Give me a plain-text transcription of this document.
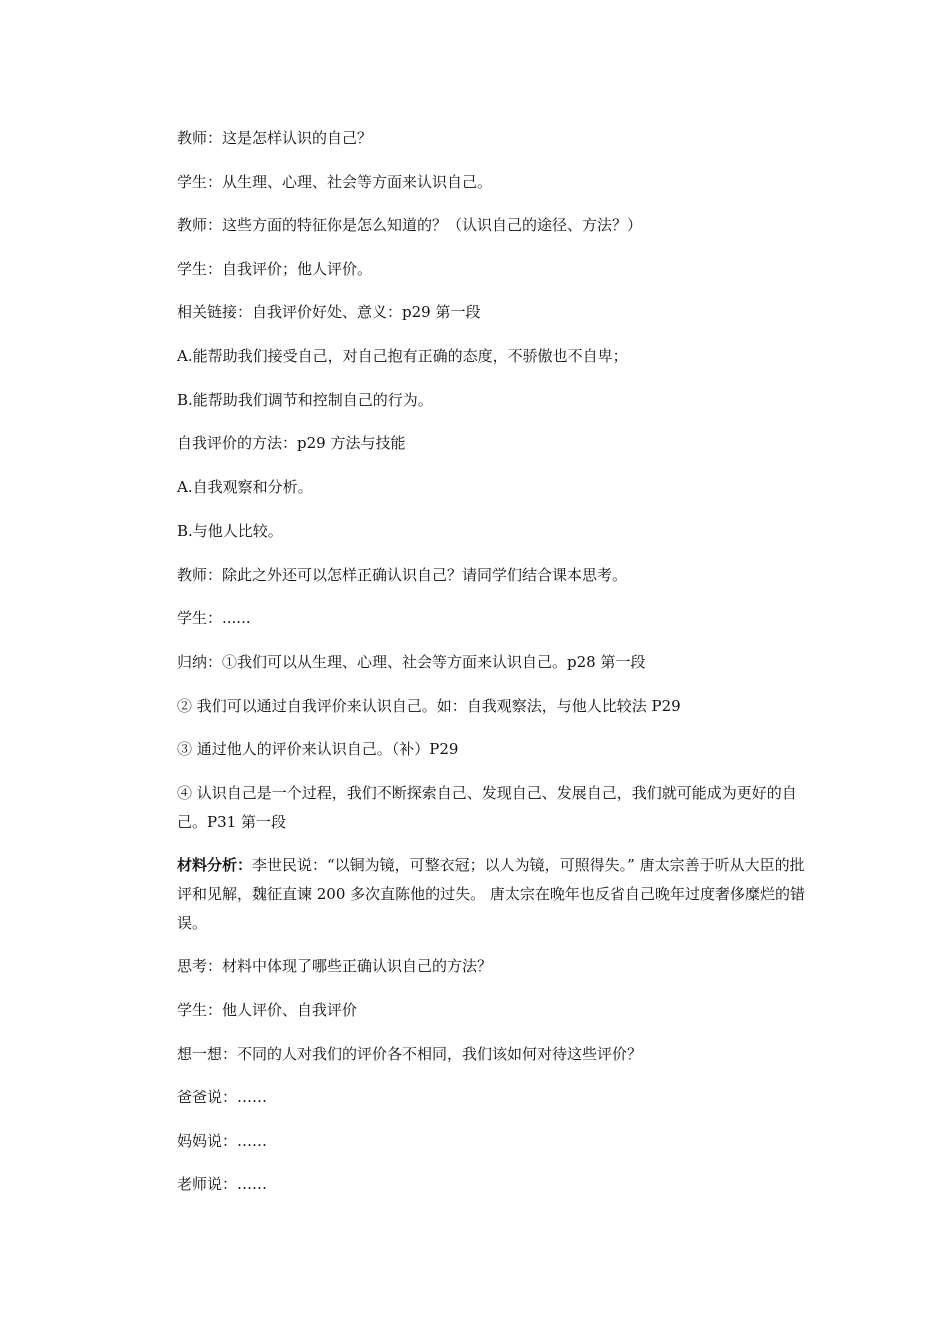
教师：这是怎样认识的自己？

学生：从生理、心理、社会等方面来认识自己。

教师：这些方面的特征你是怎么知道的？（认识自己的途径、方法？）

学生：自我评价；他人评价。

相关链接：自我评价好处、意义：p29 第一段

A.能帮助我们接受自己，对自己抱有正确的态度，不骄傲也不自卑；

B.能帮助我们调节和控制自己的行为。

自我评价的方法：p29 方法与技能

A.自我观察和分析。

B.与他人比较。

教师：除此之外还可以怎样正确认识自己？请同学们结合课本思考。

学生：......

归纳：①我们可以从生理、心理、社会等方面来认识自己。p28 第一段

② 我们可以通过自我评价来认识自己。如：自我观察法，与他人比较法 P29

③ 通过他人的评价来认识自己。（补）P29

④ 认识自己是一个过程，我们不断探索自己、发现自己、发展自己，我们就可能成为更好的自己。P31 第一段

材料分析：李世民说：“以铜为镜，可整衣冠；以人为镜，可照得失。” 唐太宗善于听从大臣的批评和见解，魏征直谏 200 多次直陈他的过失。 唐太宗在晚年也反省自己晚年过度奢侈糜烂的错误。

思考：材料中体现了哪些正确认识自己的方法？

学生：他人评价、自我评价

想一想：不同的人对我们的评价各不相同，我们该如何对待这些评价？

爸爸说：……

妈妈说：……

老师说：……
